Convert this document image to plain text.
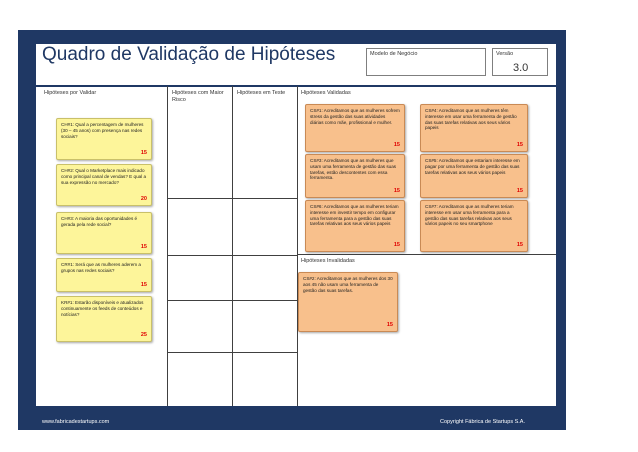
Quadro de Validação de Hipóteses	Modelo de Negócio	Versão
3.0
Hipóteses por Validar	Hipóteses com Maior Risco
Hipóteses em Teste	Hipóteses Validadas
Hipóteses Invalidadas
CH#1: Qual a percentagem de mulheres (30 – 45 anos) com presença nas redes sociais?
15
CH#2: Qual o Marketplace mais indicado como principal canal de vendas? E qual a sua expressão no mercado?
20
CH#3: A maioria das oportunidades é gerada pela rede social?
15
CR#1: Será que as mulheres aderem a grupos nas redes sociais?
15
KR#1: Estarão disponíveis e atualizados continuamente os feeds de conteúdos e notícias?
25
CS#1: Acreditamos que as mulheres sofrem stress da gestão das suas atividades diárias como mãe, profissional e mulher.
15
CS#4: Acreditamos que as mulheres têm interesse em usar uma ferramenta de gestão das suas tarefas relativas aos seus vários papeis
15
CS#3: Acreditamos que as mulheres que usam uma ferramenta de gestão das suas tarefas, estão descontentes com essa ferramenta.
15
CS#5: Acreditamos que estariam interesse em pagar por uma ferramenta de gestão das suas tarefas relativas aos seus vários papeis
15
CS#6: Acreditamos que as mulheres teriam interesse em investir tempo em configurar uma ferramenta para a gestão das suas tarefas relativas aos seus vários papeis
15
CS#7: Acreditamos que as mulheres teriam interesse em usar uma ferramenta para a gestão das suas tarefas relativas aos seus vários papeis no seu smartphone
15
CS#2: Acreditamos que as mulheres dos 30 aos 45 não usam uma ferramenta de gestão das suas tarefas.
15
www.fabricadestartups.com	Copyright Fábrica de Startups S.A.
